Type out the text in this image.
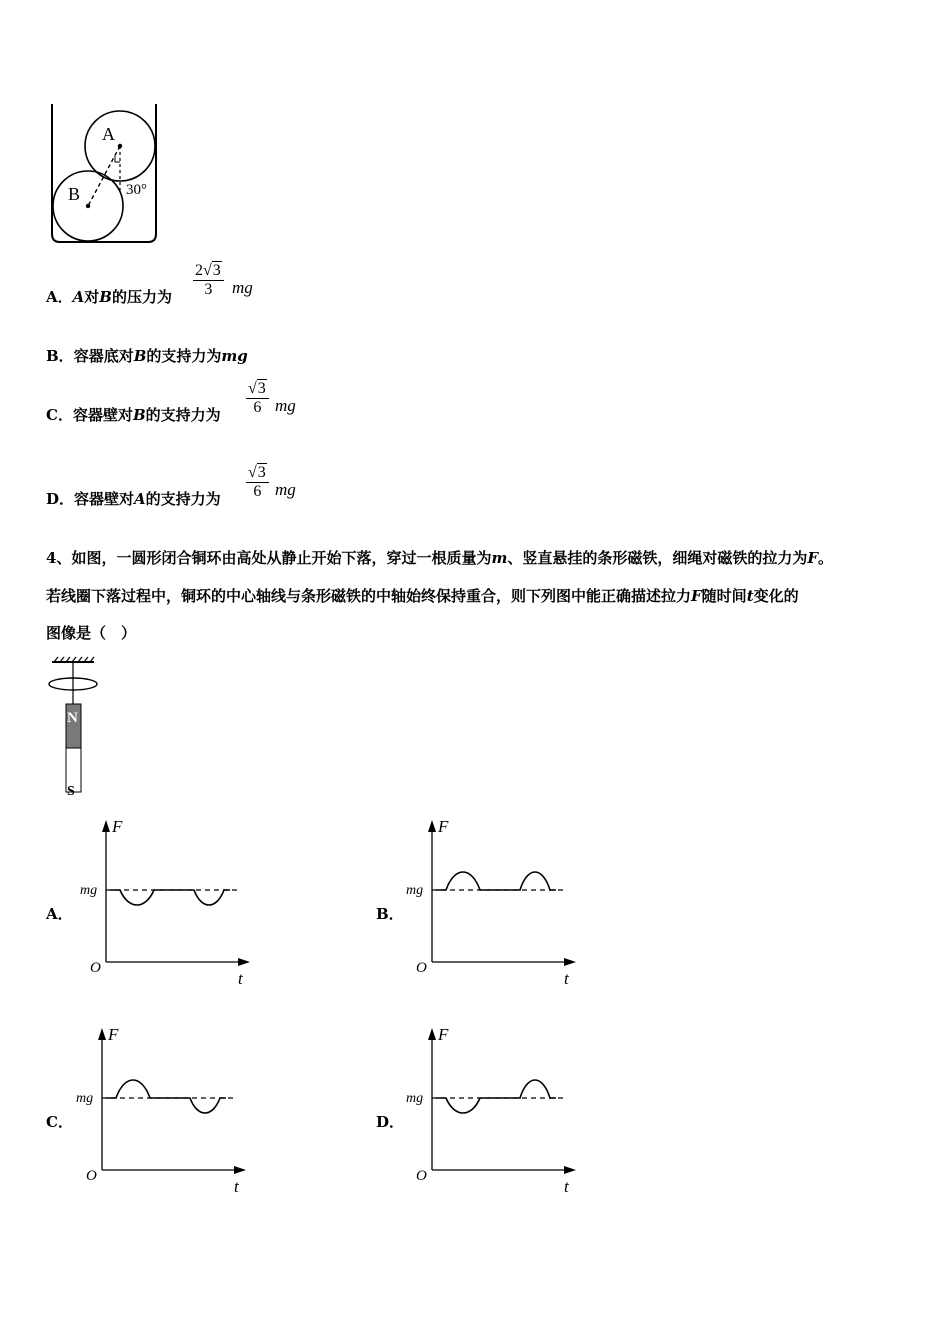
A
B	30°
A．A对B的压力为
2√3
3	mg
B．容器底对B的支持力为mg
C．容器壁对B的支持力为
√3
6 mg
D．容器壁对A的支持力为
√3
6 mg
4、如图，一圆形闭合铜环由高处从静止开始下落，穿过一根质量为m、竖直悬挂的条形磁铁，细绳对磁铁的拉力为F。
若线圈下落过程中，铜环的中心轴线与条形磁铁的中轴始终保持重合，则下列图中能正确描述拉力F随时间t变化的
图像是（　）
N
S
A．
F
t
O
mg
B．
F
t
O
mg
C．
F
t
O
mg
D．
F
t
O
mg
